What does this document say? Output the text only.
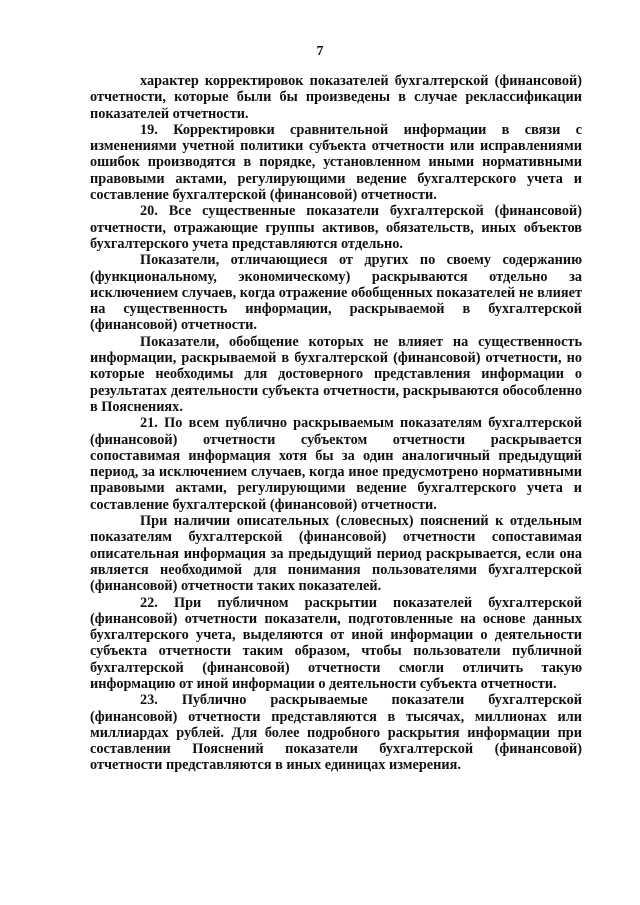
7

характер корректировок показателей бухгалтерской (финансовой) отчетности, которые были бы произведены в случае реклассификации показателей отчетности.

19. Корректировки сравнительной информации в связи с изменениями учетной политики субъекта отчетности или исправлениями ошибок производятся в порядке, установленном иными нормативными правовыми актами, регулирующими ведение бухгалтерского учета и составление бухгалтерской (финансовой) отчетности.

20. Все существенные показатели бухгалтерской (финансовой) отчетности, отражающие группы активов, обязательств, иных объектов бухгалтерского учета представляются отдельно.

Показатели, отличающиеся от других по своему содержанию (функциональному, экономическому) раскрываются отдельно за исключением случаев, когда отражение обобщенных показателей не влияет на существенность информации, раскрываемой в бухгалтерской (финансовой) отчетности.

Показатели, обобщение которых не влияет на существенность информации, раскрываемой в бухгалтерской (финансовой) отчетности, но которые необходимы для достоверного представления информации о результатах деятельности субъекта отчетности, раскрываются обособленно в Пояснениях.

21. По всем публично раскрываемым показателям бухгалтерской (финансовой) отчетности субъектом отчетности раскрывается сопоставимая информация хотя бы за один аналогичный предыдущий период, за исключением случаев, когда иное предусмотрено нормативными правовыми актами, регулирующими ведение бухгалтерского учета и составление бухгалтерской (финансовой) отчетности.

При наличии описательных (словесных) пояснений к отдельным показателям бухгалтерской (финансовой) отчетности сопоставимая описательная информация за предыдущий период раскрывается, если она является необходимой для понимания пользователями бухгалтерской (финансовой) отчетности таких показателей.

22. При публичном раскрытии показателей бухгалтерской (финансовой) отчетности показатели, подготовленные на основе данных бухгалтерского учета, выделяются от иной информации о деятельности субъекта отчетности таким образом, чтобы пользователи публичной бухгалтерской (финансовой) отчетности смогли отличить такую информацию от иной информации о деятельности субъекта отчетности.

23. Публично раскрываемые показатели бухгалтерской (финансовой) отчетности представляются в тысячах, миллионах или миллиардах рублей. Для более подробного раскрытия информации при составлении Пояснений показатели бухгалтерской (финансовой) отчетности представляются в иных единицах измерения.
